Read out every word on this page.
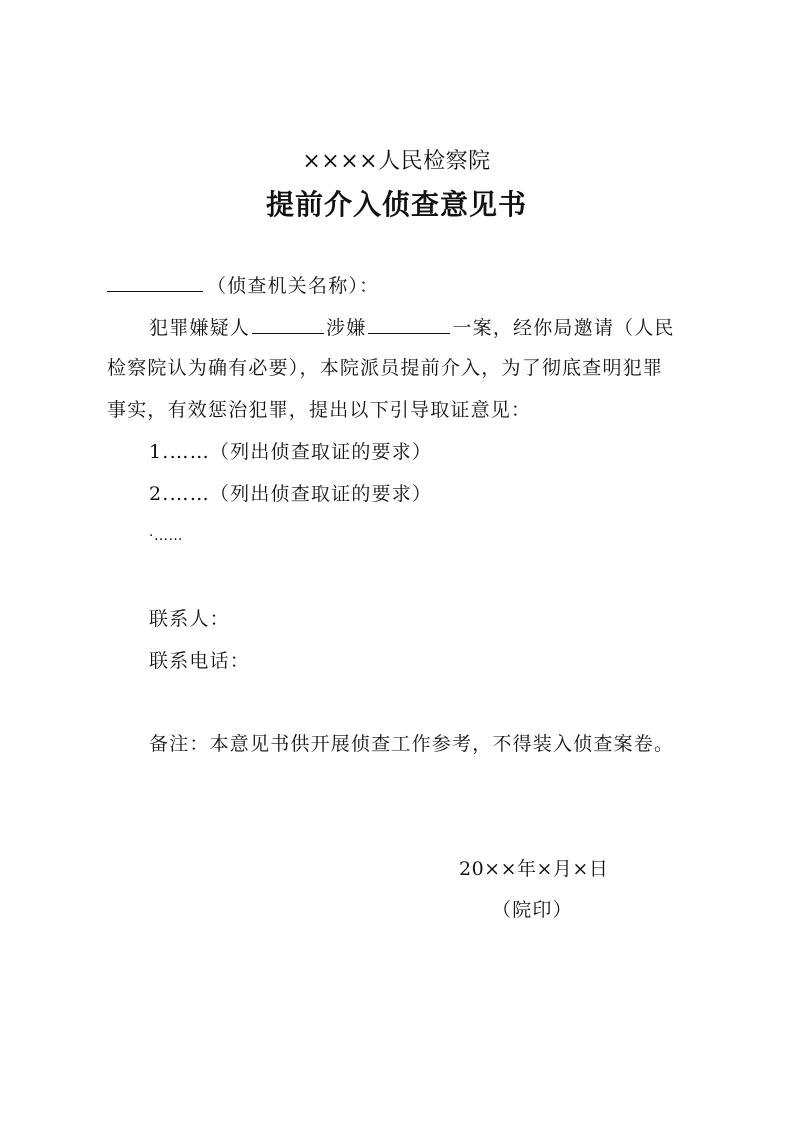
××××人民检察院
提前介入侦查意见书
（侦查机关名称）：
犯罪嫌疑人	涉嫌	一案，经你局邀请（人民
检察院认为确有必要），本院派员提前介入，为了彻底查明犯罪
事实，有效惩治犯罪，提出以下引导取证意见：
1.……（列出侦查取证的要求）
2.……（列出侦查取证的要求）
·……
联系人：
联系电话：
备注：本意见书供开展侦查工作参考，不得装入侦查案卷。
20××年×月×日
（院印）
